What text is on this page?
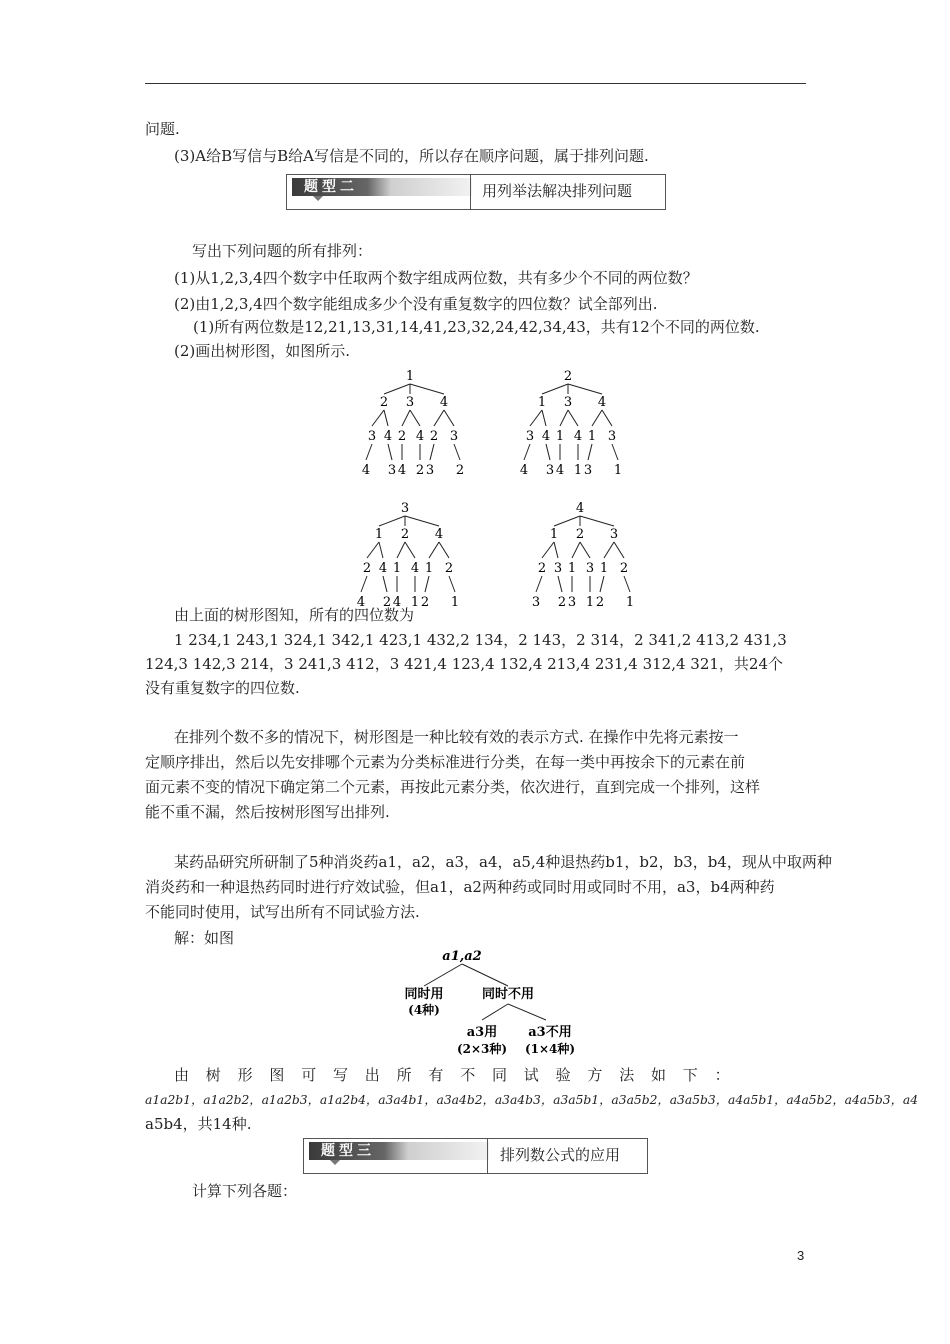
问题.
(3)A给B写信与B给A写信是不同的，所以存在顺序问题，属于排列问题.
题型二	用列举法解决排列问题
写出下列问题的所有排列：
(1)从1,2,3,4四个数字中任取两个数字组成两位数，共有多少个不同的两位数？
(2)由1,2,3,4四个数字能组成多少个没有重复数字的四位数？试全部列出.
(1)所有两位数是12,21,13,31,14,41,23,32,24,42,34,43，共有12个不同的两位数.
(2)画出树形图，如图所示.
1
2 3 4
3 4 2 4 2 3
4 3 4 2 3 2
2
1 3 4
3 4 1 4 1 3
4 3 4 1 3 1
3
1 2 4
2 4 1 4 1 2
4 2 4 1 2 1
4
1 2 3
2 3 1 3 1 2
3 2 3 1 2 1
由上面的树形图知，所有的四位数为
1 234,1 243,1 324,1 342,1 423,1 432,2 134，2 143，2 314，2 341,2 413,2 431,3
124,3 142,3 214，3 241,3 412，3 421,4 123,4 132,4 213,4 231,4 312,4 321，共24个
没有重复数字的四位数.
在排列个数不多的情况下，树形图是一种比较有效的表示方式. 在操作中先将元素按一
定顺序排出，然后以先安排哪个元素为分类标准进行分类，在每一类中再按余下的元素在前
面元素不变的情况下确定第二个元素，再按此元素分类，依次进行，直到完成一个排列，这样
能不重不漏，然后按树形图写出排列.
某药品研究所研制了5种消炎药a1，a2，a3，a4，a5,4种退热药b1，b2，b3，b4，现从中取两种
消炎药和一种退热药同时进行疗效试验，但a1，a2两种药或同时用或同时不用，a3，b4两种药
不能同时使用，试写出所有不同试验方法.
解：如图
a1,a2
同时用
(4种)
同时不用
a3用
(2×3种)
a3不用
(1×4种)
由树形图可写出所有不同试验方法如下：
a1a2b1，a1a2b2，a1a2b3，a1a2b4，a3a4b1，a3a4b2，a3a4b3，a3a5b1，a3a5b2，a3a5b3，a4a5b1，a4a5b2，a4a5b3，a4
a5b4，共14种.
题型三	排列数公式的应用
计算下列各题：
3
